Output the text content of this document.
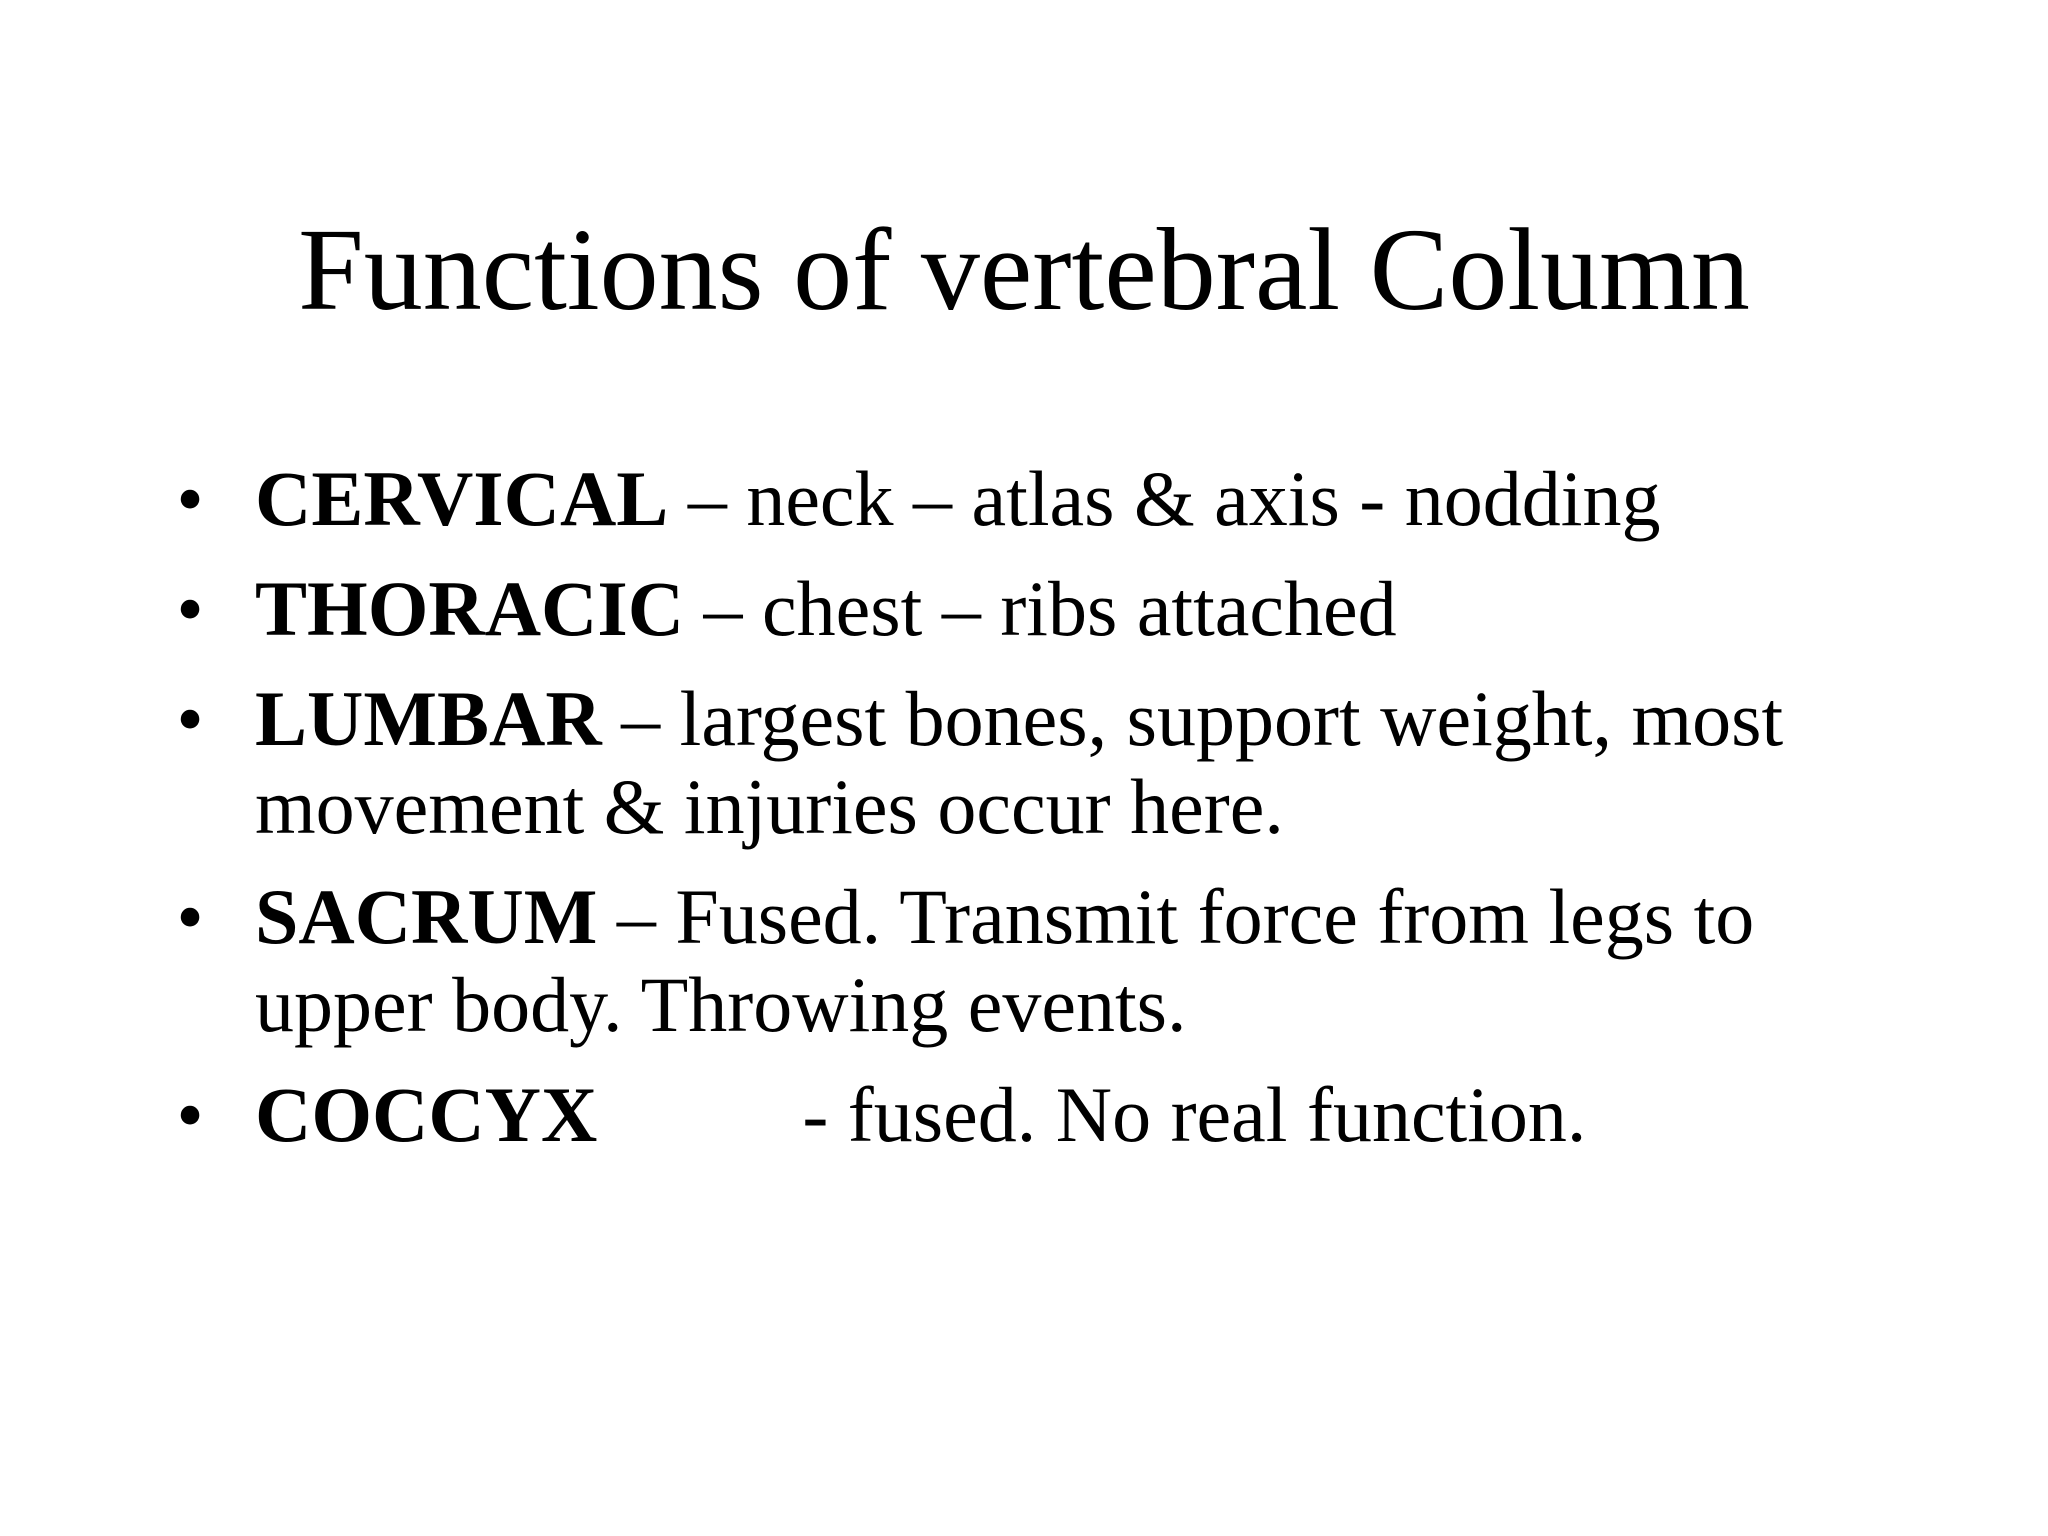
Functions of vertebral Column
• CERVICAL – neck – atlas & axis - nodding
• THORACIC – chest – ribs attached
• LUMBAR – largest bones, support weight, most movement & injuries occur here.
• SACRUM – Fused. Transmit force from legs to upper body. Throwing events.
• COCCYX	- fused. No real function.
